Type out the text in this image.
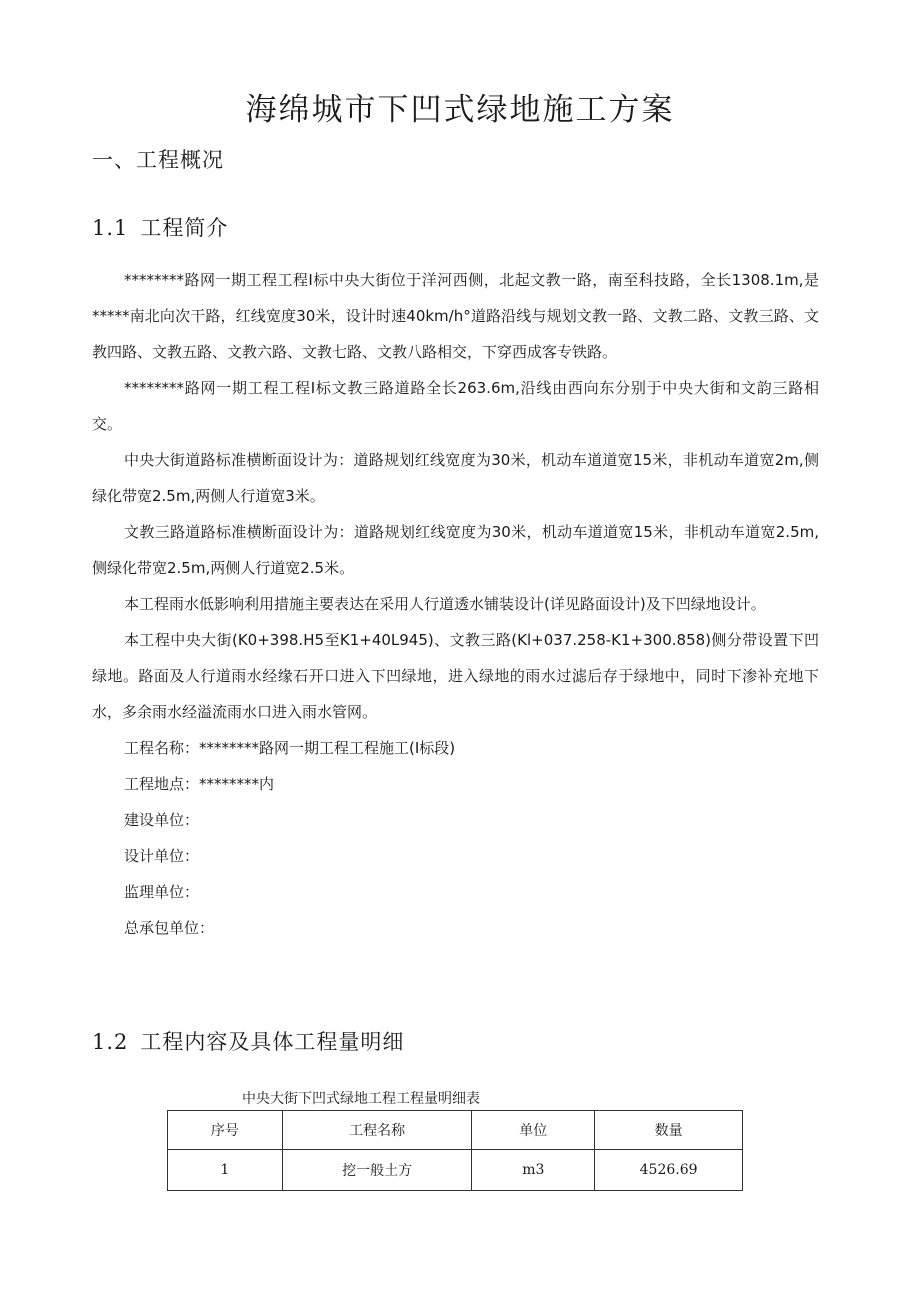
海绵城市下凹式绿地施工方案
一、工程概况
1.1 工程简介

********路网一期工程工程Ⅰ标中央大街位于洋河西侧，北起文教一路，南至科技路，全长1308.1m,是*****南北向次干路，红线宽度30米，设计时速40km/h°道路沿线与规划文教一路、文教二路、文教三路、文教四路、文教五路、文教六路、文教七路、文教八路相交，下穿西成客专铁路。

********路网一期工程工程Ⅰ标文教三路道路全长263.6m,沿线由西向东分别于中央大街和文韵三路相交。

中央大街道路标准横断面设计为：道路规划红线宽度为30米，机动车道道宽15米，非机动车道宽2m,侧绿化带宽2.5m,两侧人行道宽3米。

文教三路道路标准横断面设计为：道路规划红线宽度为30米，机动车道道宽15米，非机动车道宽2.5m,侧绿化带宽2.5m,两侧人行道宽2.5米。

本工程雨水低影响利用措施主要表达在采用人行道透水铺装设计(详见路面设计)及下凹绿地设计。

本工程中央大街(K0+398.H5至K1+40L945)、文教三路(Kl+037.258-K1+300.858)侧分带设置下凹绿地。路面及人行道雨水经缘石开口进入下凹绿地，进入绿地的雨水过滤后存于绿地中，同时下渗补充地下水，多余雨水经溢流雨水口进入雨水管网。

工程名称：********路网一期工程工程施工(Ⅰ标段)

工程地点：********内

建设单位：

设计单位：

监理单位：

总承包单位：

1.2 工程内容及具体工程量明细
中央大街下凹式绿地工程工程量明细表
序号	工程名称	单位	数量
1	挖一般土方	m3	4526.69
